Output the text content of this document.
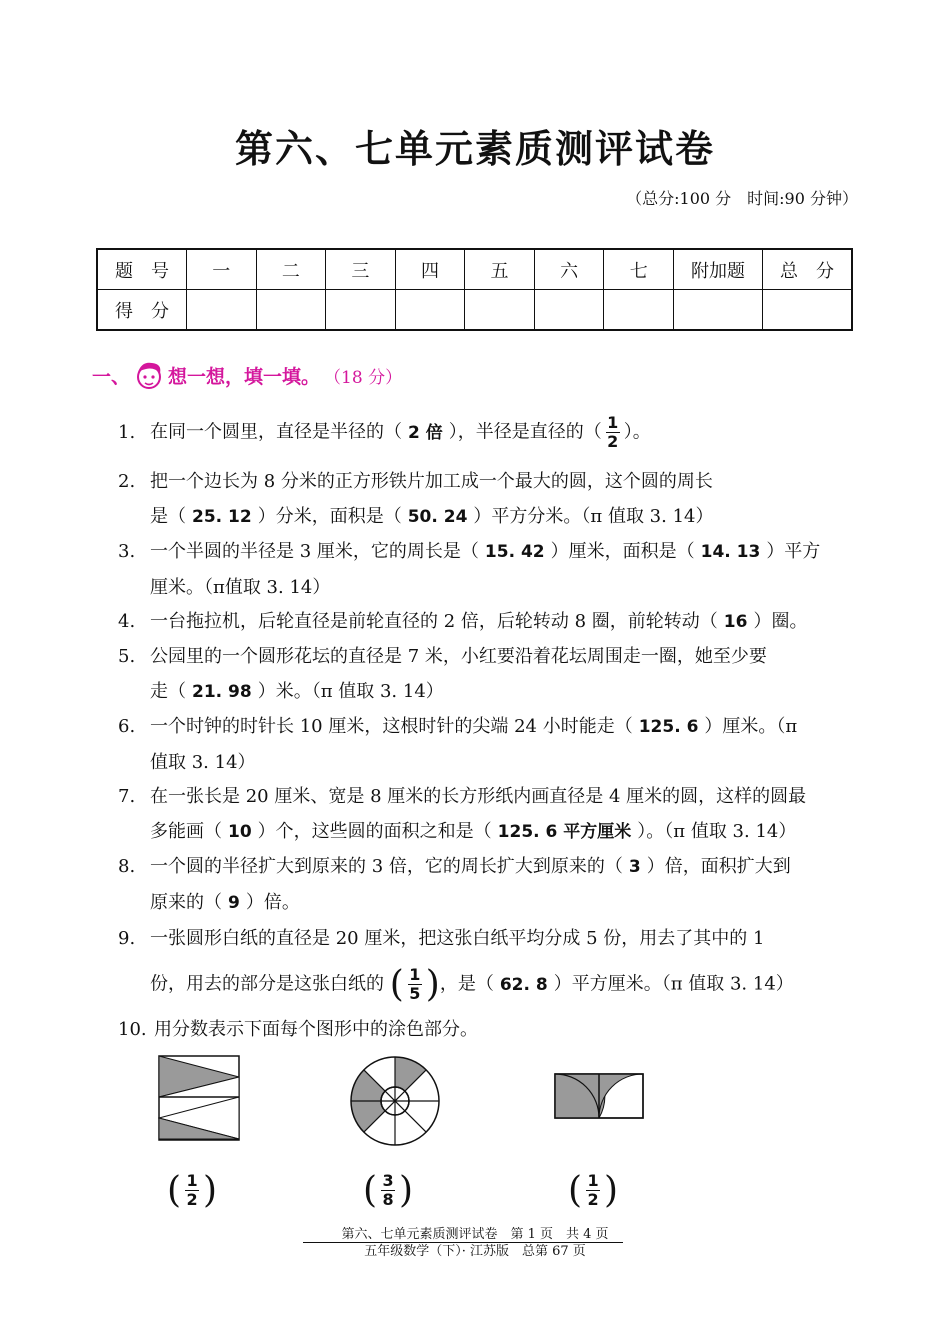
第六、七单元素质测评试卷
（总分:100 分　时间:90 分钟）
题　号	一	二	三	四	五	六	七	附加题	总　分
得　分									
一、 想一想，填一填。 （18 分）
1. 在同一个圆里，直径是半径的（ 2 倍 ），半径是直径的（ $\frac{1}{2}$ ）。
2. 把一个边长为 8 分米的正方形铁片加工成一个最大的圆，这个圆的周长
是（ 25. 12 ）分米，面积是（ 50. 24 ）平方分米。（π 值取 3. 14）
3. 一个半圆的半径是 3 厘米，它的周长是（ 15. 42 ）厘米，面积是（ 14. 13 ）平方
厘米。（π值取 3. 14）
4. 一台拖拉机，后轮直径是前轮直径的 2 倍，后轮转动 8 圈，前轮转动（ 16 ）圈。
5. 公园里的一个圆形花坛的直径是 7 米，小红要沿着花坛周围走一圈，她至少要
走（ 21. 98 ）米。（π 值取 3. 14）
6. 一个时钟的时针长 10 厘米，这根时针的尖端 24 小时能走（ 125. 6 ）厘米。（π
值取 3. 14）
7. 在一张长是 20 厘米、宽是 8 厘米的长方形纸内画直径是 4 厘米的圆，这样的圆最
多能画（ 10 ）个，这些圆的面积之和是（ 125. 6 平方厘米 ）。（π 值取 3. 14）
8. 一个圆的半径扩大到原来的 3 倍，它的周长扩大到原来的（ 3 ）倍，面积扩大到
原来的（ 9 ）倍。
9. 一张圆形白纸的直径是 20 厘米，把这张白纸平均分成 5 份，用去了其中的 1
份，用去的部分是这张白纸的 ( $\frac{1}{5}$ ) ，是（ 62. 8 ）平方厘米。（π 值取 3. 14）
10. 用分数表示下面每个图形中的涂色部分。
( $\frac{1}{2}$ )	( $\frac{3}{8}$ )	( $\frac{1}{2}$ )
第六、七单元素质测评试卷　第 1 页　共 4 页
五年级数学（下）· 江苏版　总第 67 页
